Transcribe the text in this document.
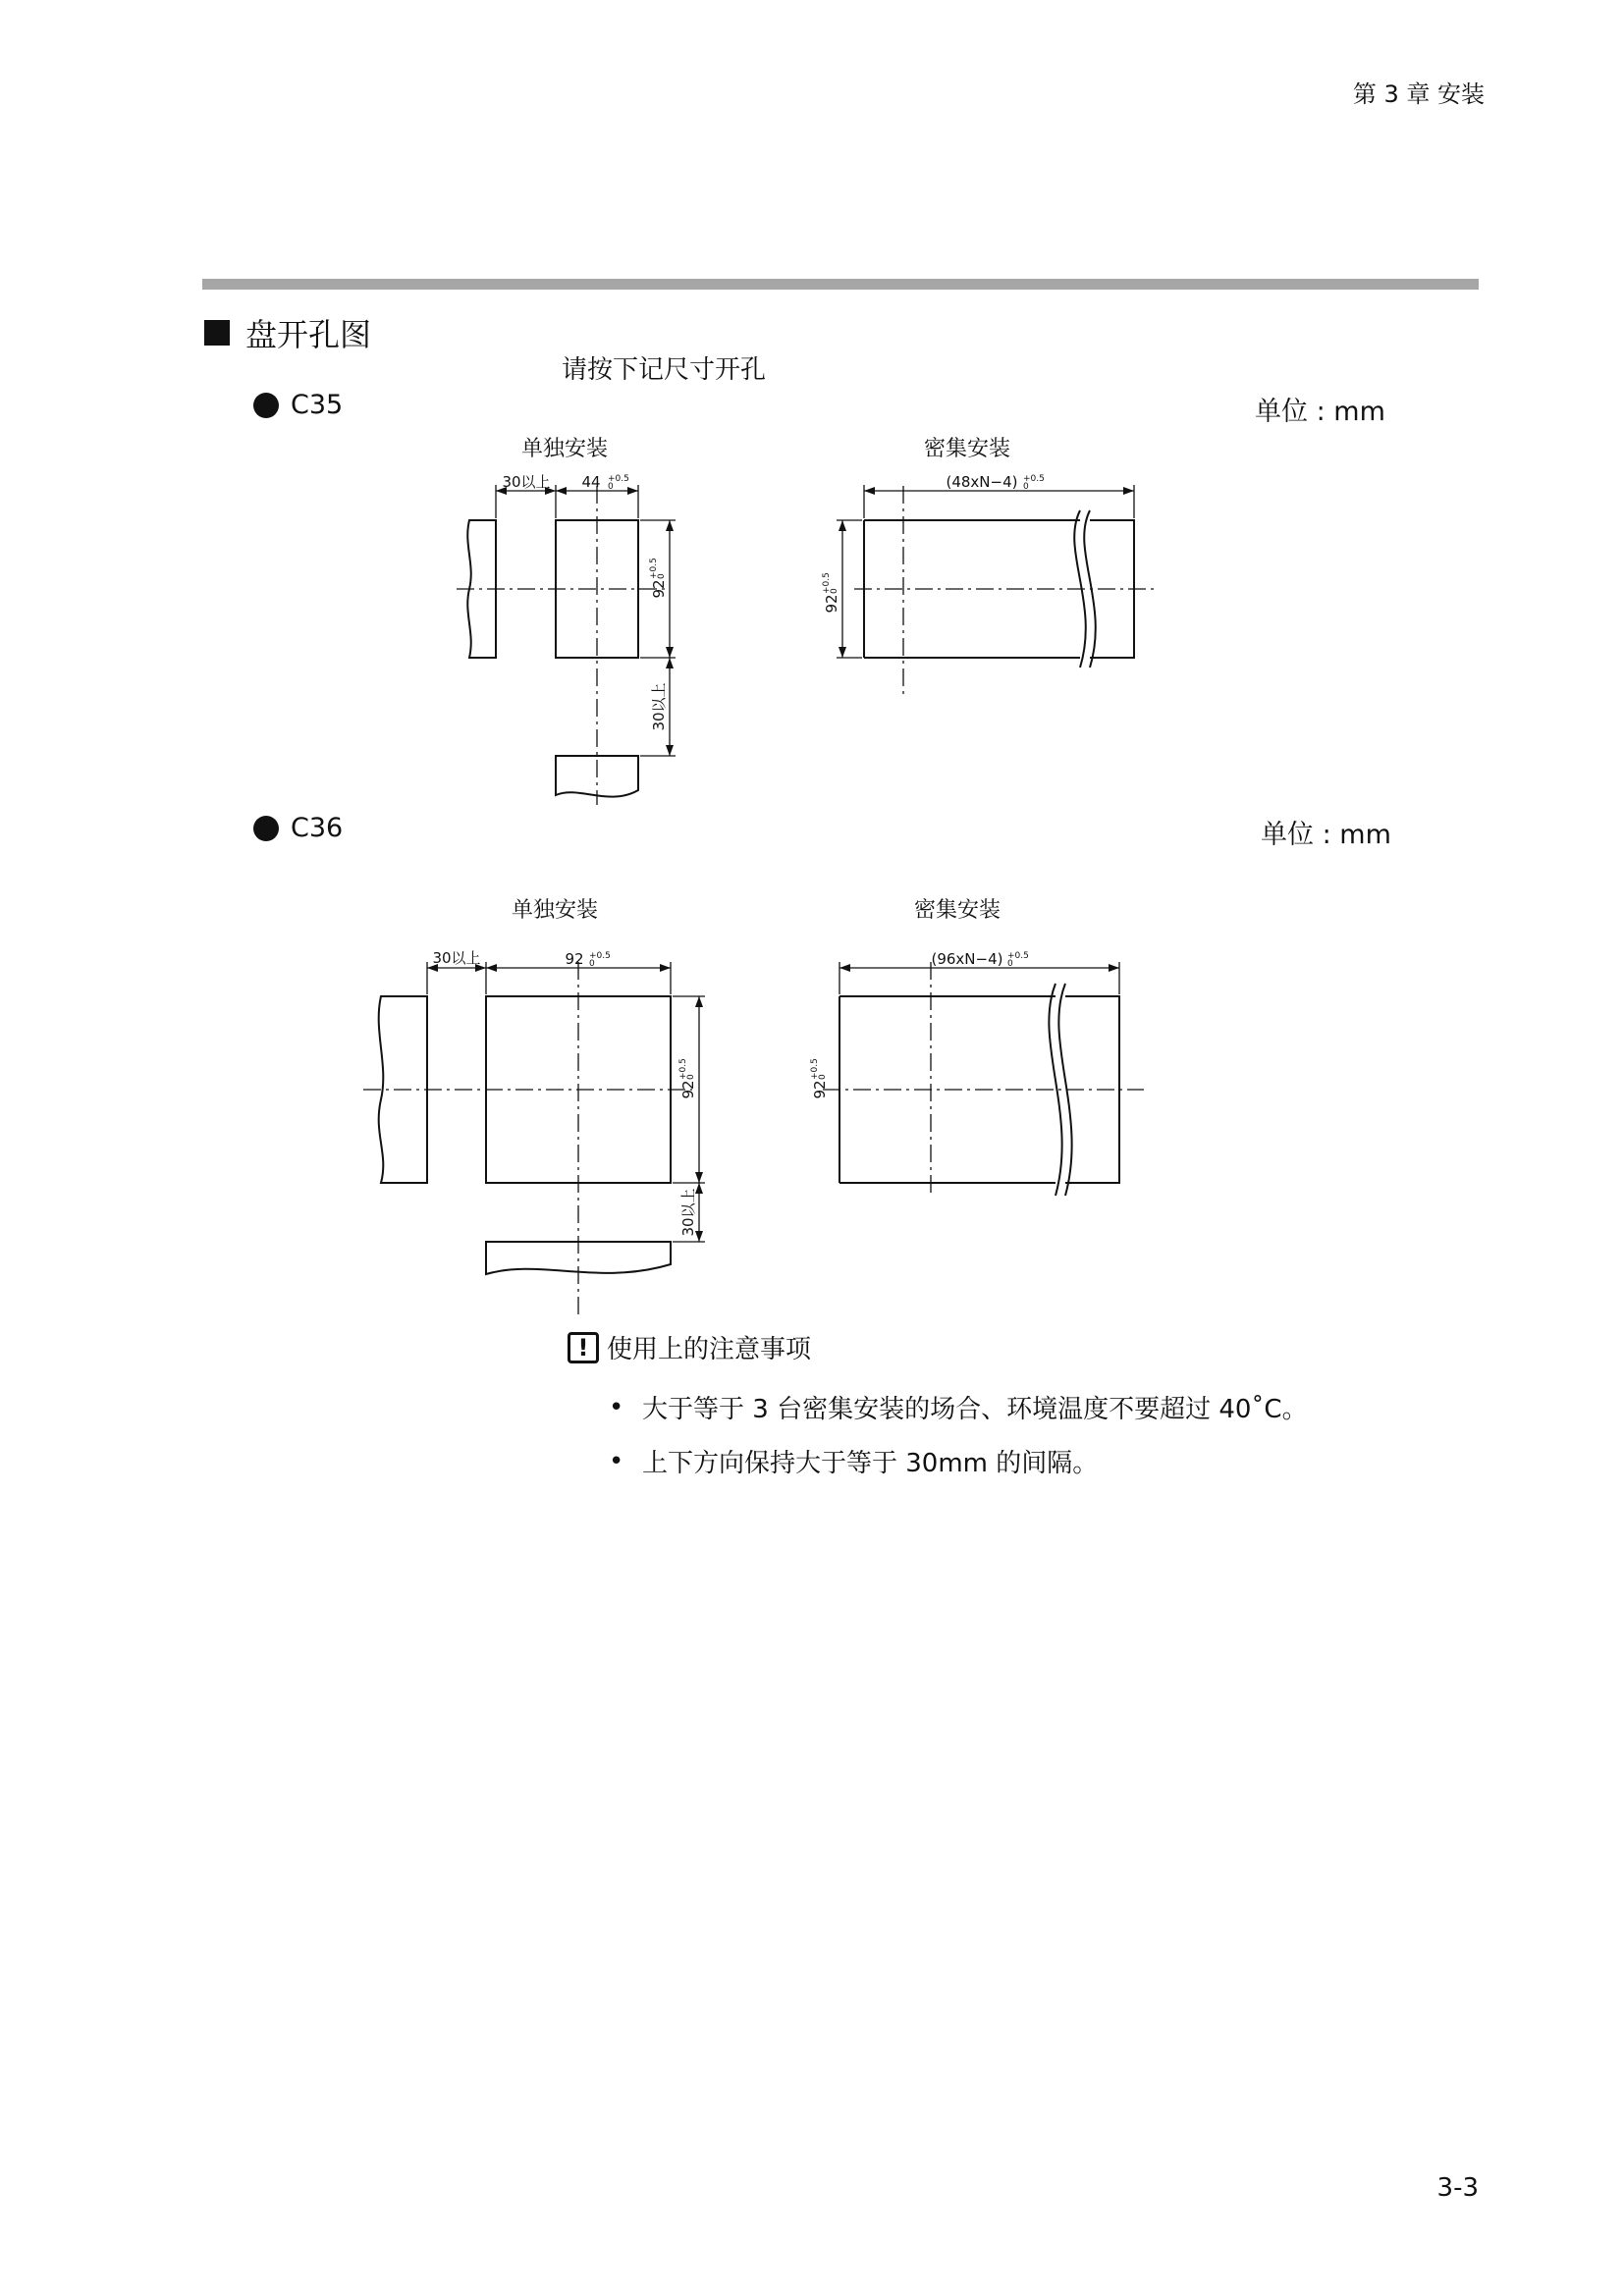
第 3 章 安装
盘开孔图
请按下记尺寸开孔
C35	单位 : mm
单独安装
30以上 44 +0.5
0
92
+0.5
0
30以上
密集安装
(48xN−4) +0.5
0
92
+0.5
0
C36	单位 : mm
单独安装
30以上	92 +0.5
0
92
+0.5
0
30以上
密集安装
(96xN−4) +0.5
0
92
+0.5
0
! 使用上的注意事项
• 大于等于 3 台密集安装的场合、环境温度不要超过 40˚C。
• 上下方向保持大于等于 30mm 的间隔。
3-3
